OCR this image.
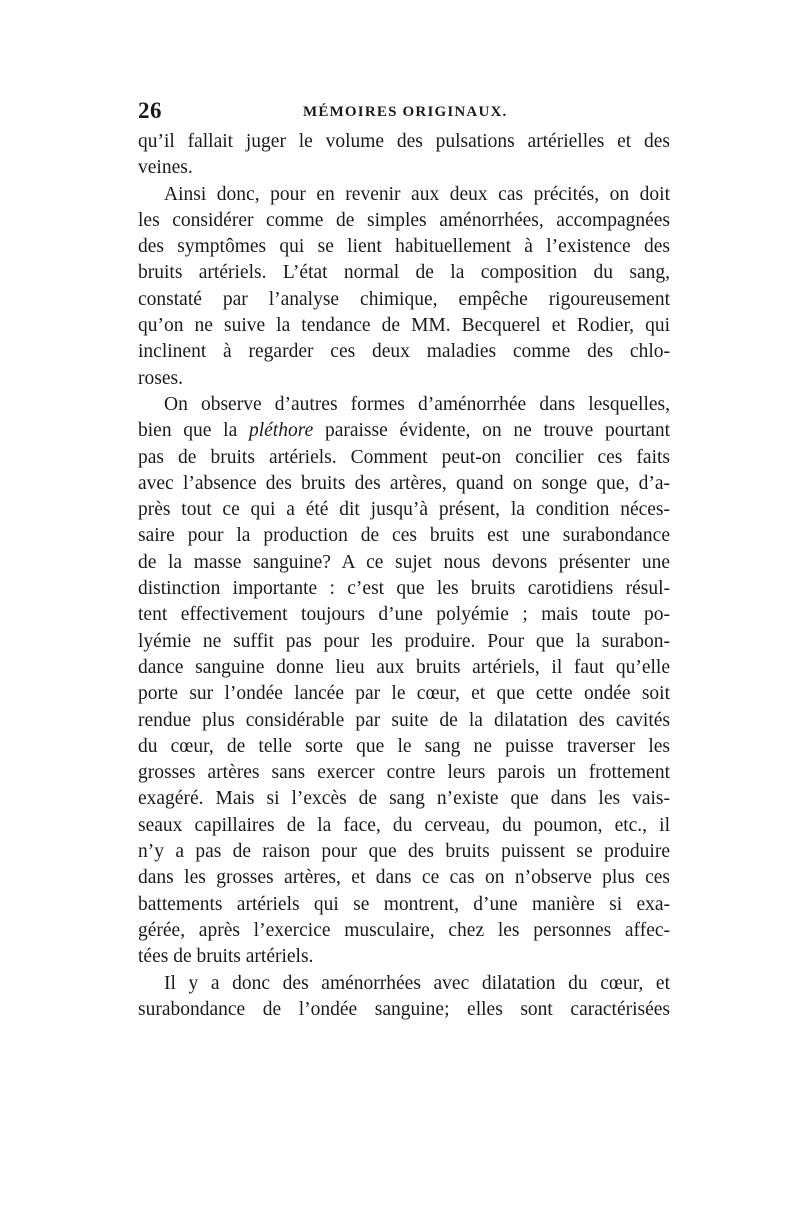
26	MÉMOIRES ORIGINAUX.
qu’il fallait juger le volume des pulsations artérielles et des
veines.
Ainsi donc, pour en revenir aux deux cas précités, on doit
les considérer comme de simples aménorrhées, accompagnées
des symptômes qui se lient habituellement à l’existence des
bruits artériels. L’état normal de la composition du sang,
constaté par l’analyse chimique, empêche rigoureusement
qu’on ne suive la tendance de MM. Becquerel et Rodier, qui
inclinent à regarder ces deux maladies comme des chlo-
roses.
On observe d’autres formes d’aménorrhée dans lesquelles,
bien que la pléthore paraisse évidente, on ne trouve pourtant
pas de bruits artériels. Comment peut-on concilier ces faits
avec l’absence des bruits des artères, quand on songe que, d’a-
près tout ce qui a été dit jusqu’à présent, la condition néces-
saire pour la production de ces bruits est une surabondance
de la masse sanguine? A ce sujet nous devons présenter une
distinction importante : c’est que les bruits carotidiens résul-
tent effectivement toujours d’une polyémie ; mais toute po-
lyémie ne suffit pas pour les produire. Pour que la surabon-
dance sanguine donne lieu aux bruits artériels, il faut qu’elle
porte sur l’ondée lancée par le cœur, et que cette ondée soit
rendue plus considérable par suite de la dilatation des cavités
du cœur, de telle sorte que le sang ne puisse traverser les
grosses artères sans exercer contre leurs parois un frottement
exagéré. Mais si l’excès de sang n’existe que dans les vais-
seaux capillaires de la face, du cerveau, du poumon, etc., il
n’y a pas de raison pour que des bruits puissent se produire
dans les grosses artères, et dans ce cas on n’observe plus ces
battements artériels qui se montrent, d’une manière si exa-
gérée, après l’exercice musculaire, chez les personnes affec-
tées de bruits artériels.
Il y a donc des aménorrhées avec dilatation du cœur, et
surabondance de l’ondée sanguine; elles sont caractérisées
